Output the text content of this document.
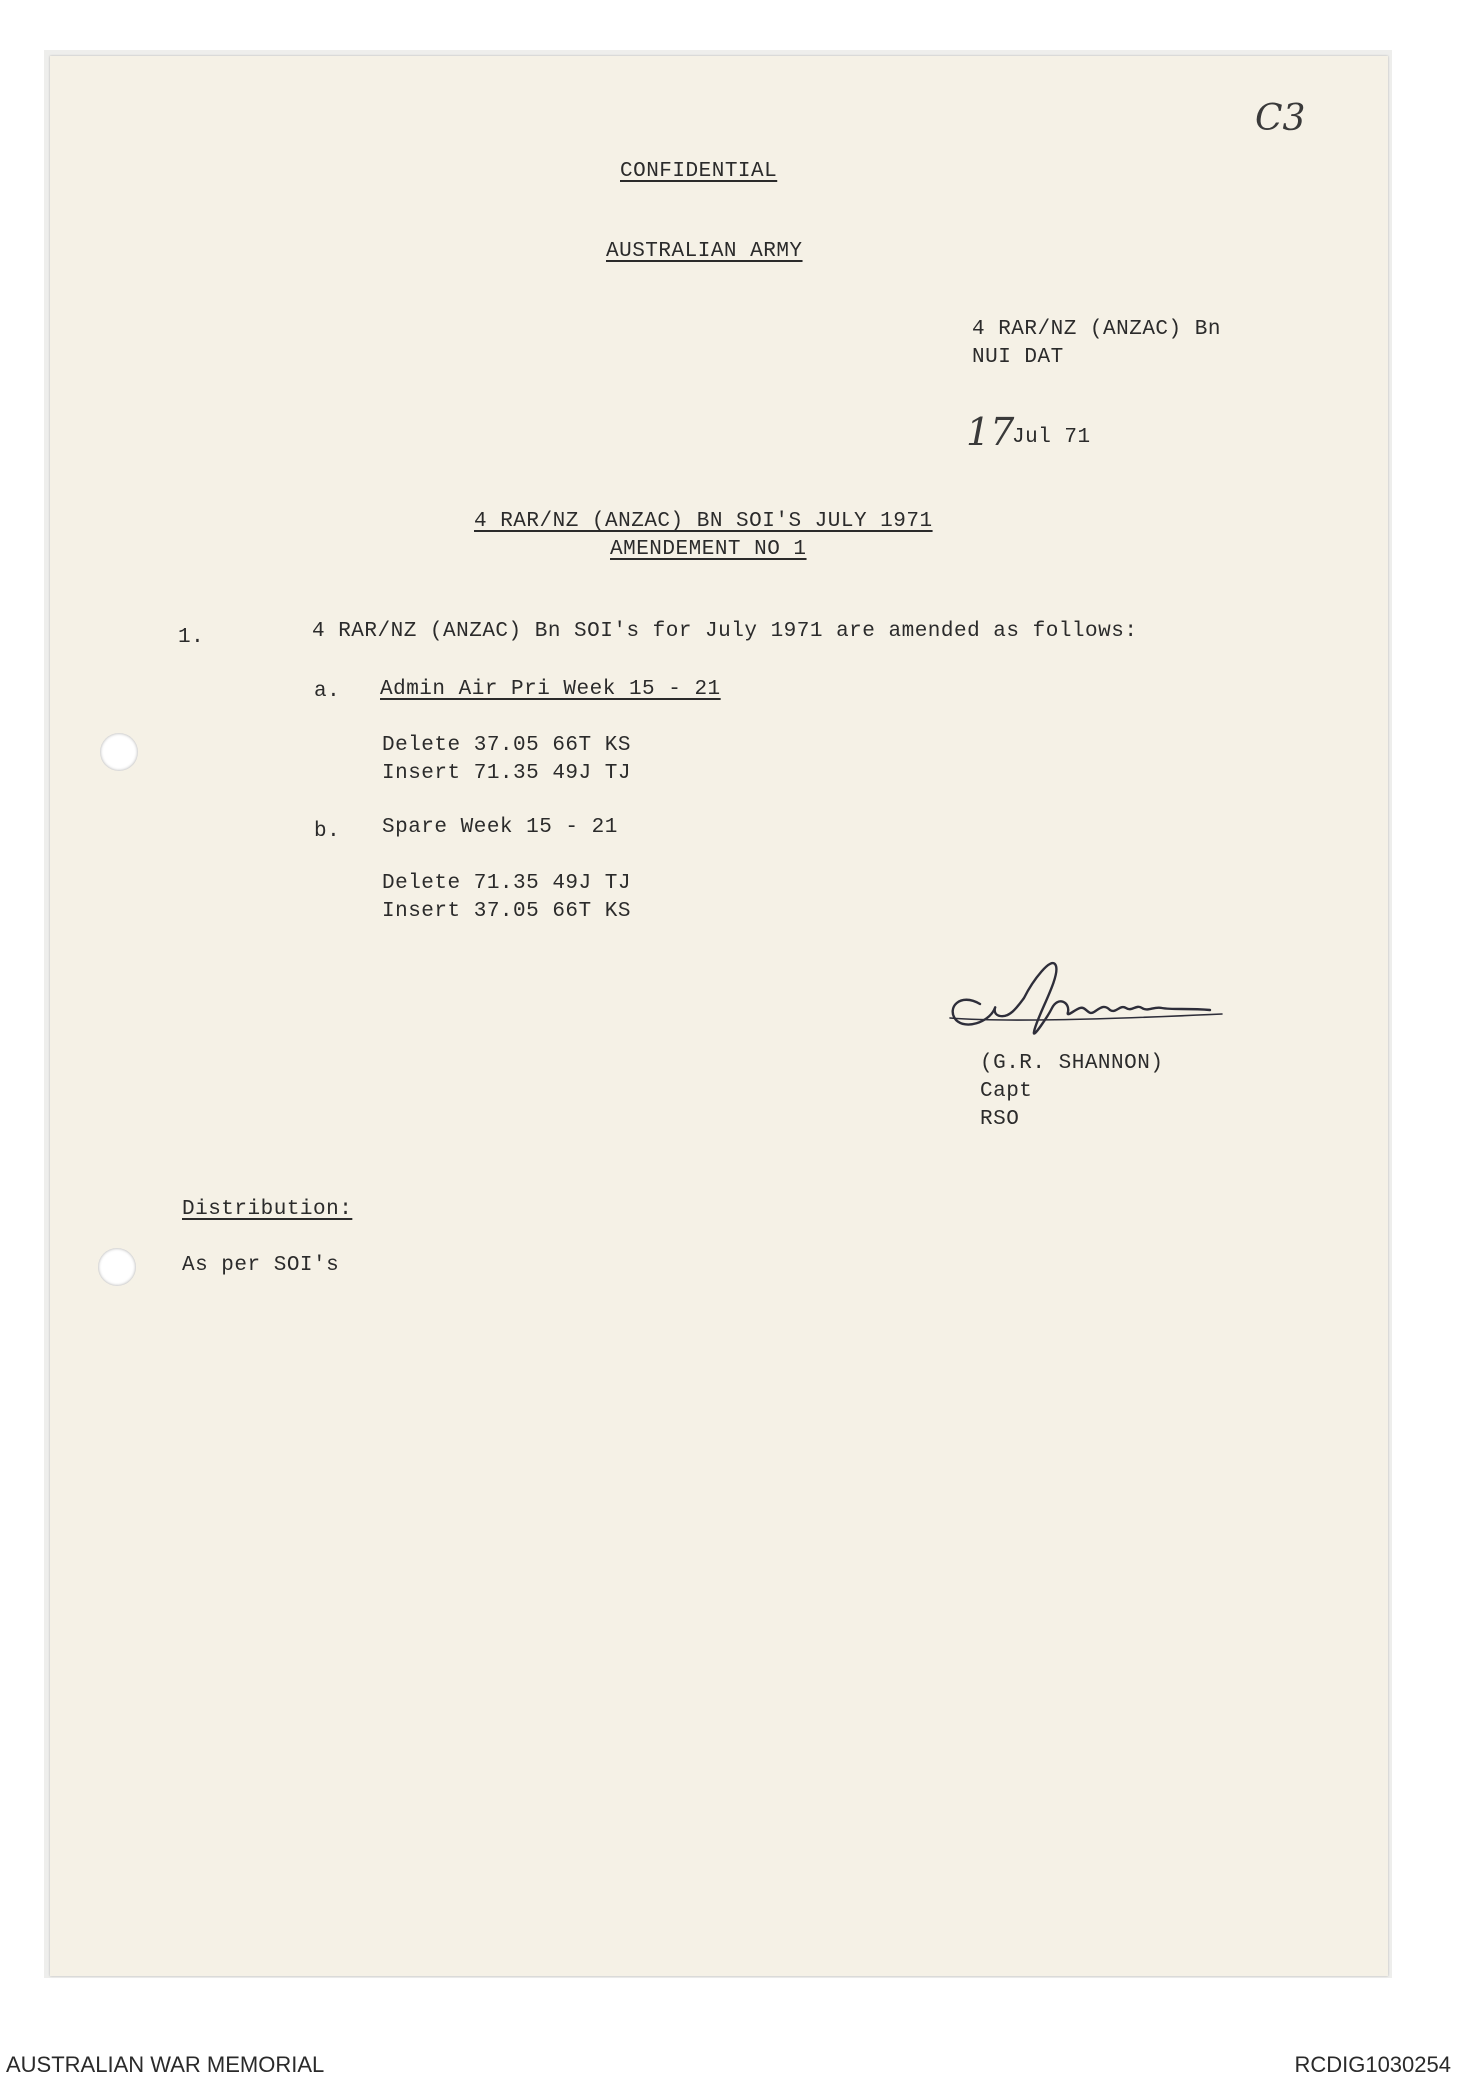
C3
CONFIDENTIAL
AUSTRALIAN ARMY
4 RAR/NZ (ANZAC) Bn
NUI DAT
17
Jul 71
4 RAR/NZ (ANZAC) BN SOI'S JULY 1971
AMENDEMENT NO 1
1.	4 RAR/NZ (ANZAC) Bn SOI's for July 1971 are amended as follows:
a. Admin Air Pri Week 15 - 21
Delete 37.05 66T KS
Insert 71.35 49J TJ
b. Spare Week 15 - 21
Delete 71.35 49J TJ
Insert 37.05 66T KS
(G.R. SHANNON)
Capt
RSO
Distribution:
As per SOI's
AUSTRALIAN WAR MEMORIAL	RCDIG1030254
